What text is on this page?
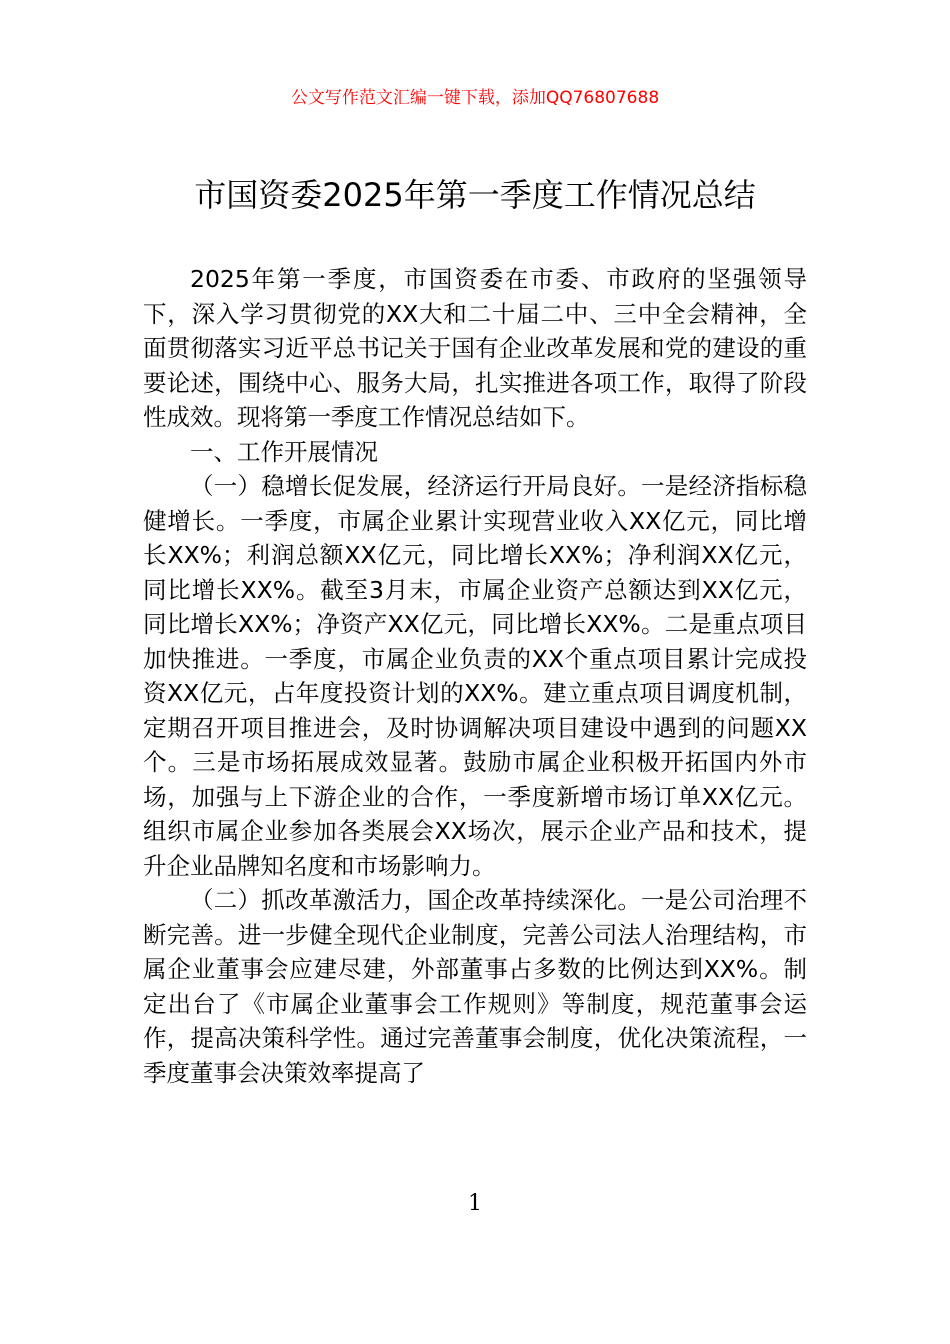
公文写作范文汇编一键下载，添加QQ76807688
市国资委2025年第一季度工作情况总结

2025年第一季度，市国资委在市委、市政府的坚强领导下，深入学习贯彻党的XX大和二十届二中、三中全会精神，全面贯彻落实习近平总书记关于国有企业改革发展和党的建设的重要论述，围绕中心、服务大局，扎实推进各项工作，取得了阶段性成效。现将第一季度工作情况总结如下。

一、工作开展情况

（一）稳增长促发展，经济运行开局良好。一是经济指标稳健增长。一季度，市属企业累计实现营业收入XX亿元，同比增长XX%；利润总额XX亿元，同比增长XX%；净利润XX亿元，同比增长XX%。截至3月末，市属企业资产总额达到XX亿元，同比增长XX%；净资产XX亿元，同比增长XX%。二是重点项目加快推进。一季度，市属企业负责的XX个重点项目累计完成投资XX亿元，占年度投资计划的XX%。建立重点项目调度机制，定期召开项目推进会，及时协调解决项目建设中遇到的问题XX个。三是市场拓展成效显著。鼓励市属企业积极开拓国内外市场，加强与上下游企业的合作，一季度新增市场订单XX亿元。组织市属企业参加各类展会XX场次，展示企业产品和技术，提升企业品牌知名度和市场影响力。

（二）抓改革激活力，国企改革持续深化。一是公司治理不断完善。进一步健全现代企业制度，完善公司法人治理结构，市属企业董事会应建尽建，外部董事占多数的比例达到XX%。制定出台了《市属企业董事会工作规则》等制度，规范董事会运作，提高决策科学性。通过完善董事会制度，优化决策流程，一季度董事会决策效率提高了

1
